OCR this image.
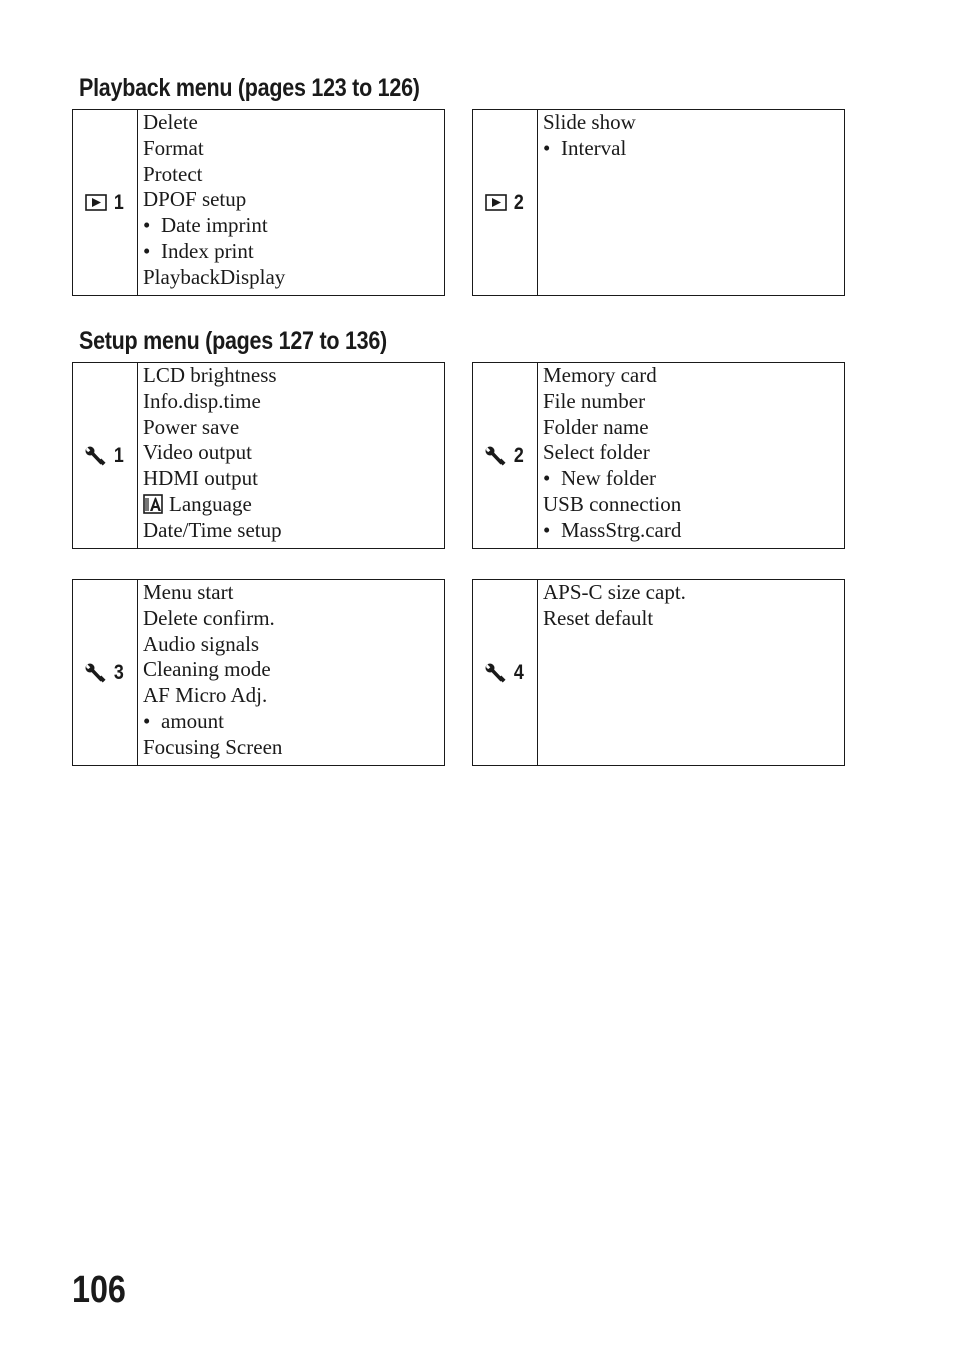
Playback menu (pages 123 to 126)
1
Delete
Format
Protect
DPOF setup
• Date imprint
• Index print
PlaybackDisplay
2
Slide show
• Interval
Setup menu (pages 127 to 136)
1
LCD brightness
Info.disp.time
Power save
Video output
HDMI output
Language
Date/Time setup
2
Memory card
File number
Folder name
Select folder
• New folder
USB connection
• MassStrg.card
3
Menu start
Delete confirm.
Audio signals
Cleaning mode
AF Micro Adj.
• amount
Focusing Screen
4
APS-C size capt.
Reset default

106
